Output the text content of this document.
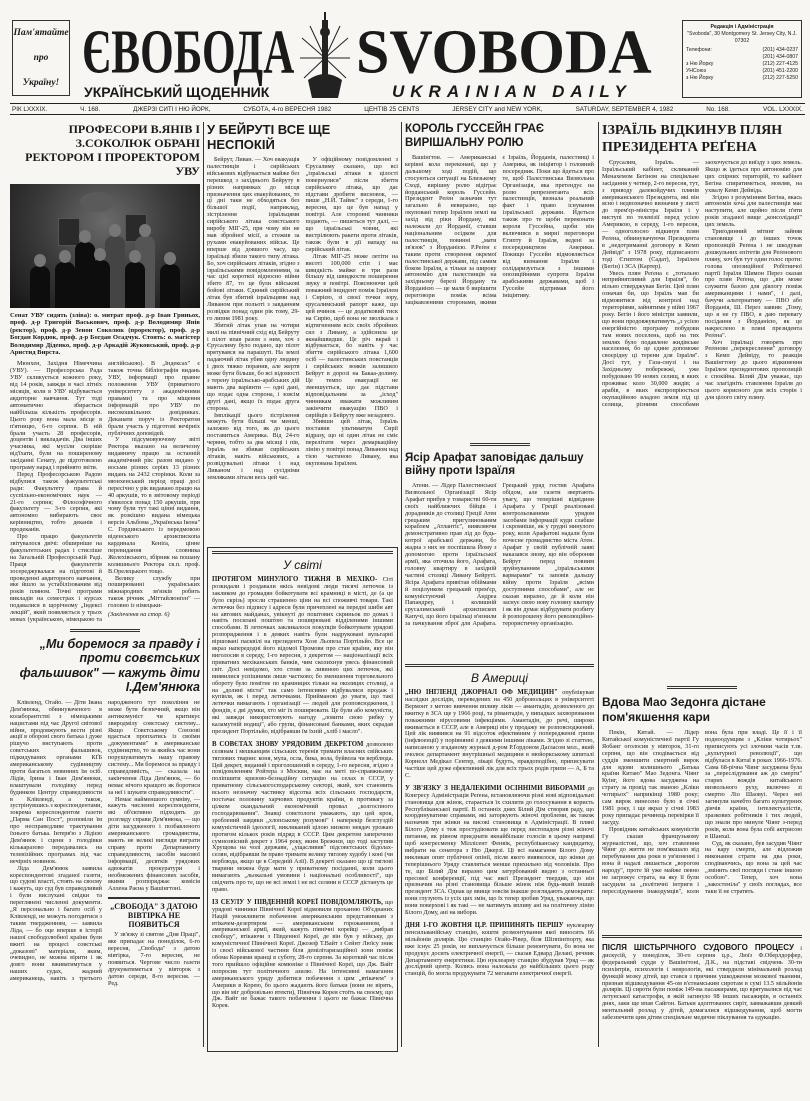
Пам'ятайте
про
Україну! ЄВОБОДА
УКРАЇНСЬКИЙ ЩОДЕННИК
SVOBODA
UKRAINIAN DAILY
Редакція і Адміністрація
"Svoboda", 30 Montgomery St. Jersey City, N.J. 07302
Телефони:	(201) 434-0237
(201) 434-0807
з Ню Йорку	(212) 227-4125
УНСоюз	(201) 451-2200
з Ню Йорку	(212) 227-5250
РІК LXXXIX.	Ч. 168.	ДЖЕРЗІ СИТІ І НЮ ЙОРК,	СУБОТА, 4-го ВЕРЕСНЯ 1982	ЦЕНТІВ 25 CENTS	JERSEY CITY and NEW YORK,	SATURDAY, SEPTEMBER 4, 1982	No. 168.	VOL. LXXXIX.
ПРОФЕСОРИ В.ЯНІВ І З.СОКОЛЮК ОБРАНІ РЕКТОРОМ І ПРОРЕКТОРОМ УВУ
Сенат УВУ сидять (зліва): о. митрат проф. д-р Іван Гриньох, проф. д-р Григорій Васькович, проф. д-р Володимир Янів (ректор), проф. д-р Зенон Соколюк (проректор), проф. д-р Богдан Кордюк, проф. д-р Богдан Осадчук. Стоять: о. магістер Володимир Діденко, проф. д-р Аркадій Жуковський, проф. д-р Аристид Вирста.

Мюнхен, Західня Німеччина (УВУ). — Професорська Рада УВУ скликується кожного року, від 14 років, завжди в часі літніх місяців, коли в УВУ відбувається авдиторне навчання. Тут тоді автоматично збирається найбільша кількість професорів. Цього року вона мала місце в п'ятницю, 6-го серпня. В ній брали участь 28 професорів, доцентів і викладачів. Два інших учасника, які мусіли скоріше від'їхати, були на поширеному засіданні Сенату, де підготовлено програму нарад і прийнято звіти.

Перед Професорською Радою відбулися також факультетські ради: Факультету права й суспільно-економічних наук — 21-го серпня; Філософічного факультету — 3-го серпня, які автономно вибирають своє керівництво, тобто деканів і продеканів.

Про працю факультетів звітувалося двічі: обширніше на факультетських радах і стисліше на Загальній Професорській Раді. Праця факультетів зосереджувалася на підготові й проведенні авдиторного навчання, яке йшло за устабілізованим від років пляном. Точні програми викладів на семестрах і курсах подавалися в щорічному „Індексі лекцій", який появляється у трьох мовах (українською, німецькою та англійською). В „Індексах" є також точна бібліографія видань УВУ, інформації про правне положення УВУ (приватного університету з академічними правами) та про міщення інформацій про УВУ по високошкільних довідниках. Деканати поруч із Ректоратом брали участь у підготові вечірніх публічних доповідей.

У підсумовуючому звіті Ректора вказано на величезну видавничу працю за останній академічний рік: разом видано у восьми різних серіях 13 різних видань на 2432 сторінки. Коли за мюнхенський період праці досі пересічно у рік видавано працю на 40 аркушів, то в звітовому періоді з'явилося понад 150 аркушів, при чому були тут такі цінні видання, як розкішно видана німецька версія Альбома „Українська Ікона" С. Гординського із передмовою віденського архиєпископа кардинала Кеніґа, цінне перевидання словника Желехівського, збірник на пошану колишнього Ректора св.п. проф. В.Орелецького тощо.

Велику службу при поширюванні українських міжнародних зв'язків робить також річник „Міттайлюнґен" — головно із німецьки-

(Закінчення на стор. 6)

„Ми боремося за правду і проти совєтських фальшивок" — кажуть діти І.Дем'янюка

Клівленд, Огайо. — Діти Івана Дем'янюка, обвинуваченого в колаборантстві з німецькими нацистами під час Другої світової війни, продовжують вести різні акції в обороні свого батька і дуже рішучо виступають проти совєтських фальшивок, підкидуваних органами КҐБ американському судівництву проти багатьох невинних їм осіб. Лідія, Ірина і Іван Дем'янюки, влаштували голодівку перед будинком Центру справедливости в Клівленді, а також, зустрінувшись з кореспондентами, зокрема кореспондентом газети „Парма Сан Пост", розповіли їм про несправедливе трактування їхнього батька. Інтерв'ю з Лідією Дем'янюк і сцени з голодівки кількаразово передавались на телевізійних програмах під час вечірніх новинок.

Ліда Дем'янюк заявила кореспондентові згаданої газети, що судові власті, стоять на своєму і кажуть, що суд був справедливий і були вислухані свідки та переглянені численні документи. „Я персонально і багато осіб у Клівленді, не можуть погодитися з таким твердженням, — заявила Ліда, — бо оце вперше в історії нашої свободолюбної країни були вжиті на процесі совєтські „доказові" матеріали, яким, очевидно, не можна вірити і як довго вони вживатимуться у наших судах, жадний американець, навіть з третього народженого тут покоління не може бути безпечний, якщо він антикомуніст чи критикує звиродмілу совєтську систему... Якщо Совєтському Союзові вдасться пропхатись із своїми „документами" в американське судівництво, то за якийсь час вони порушуватимуть нашу правову систему... Ми боремося за правду і справедливість, — сказала на закінчення Ліда Дем'янюк, — бо немає нічого кращого як боротися за неї і шукати справедливости".

Немає найменшого сумніву, — кажуть численні кореспонденти, які об'єктивно підходять до розгляду справи Дем'янюка, — що діти засудженого і позбавленого американського громадянства, мають не великі вигляди виграти справу проти Департаменту справедливости, засобів масової інформації, десятків урядових адвокатів прокуратури і необмежених фінансових засобів, якими розпоряджає комісія Аллена Раєна у Вашінгтоні.

„СВОБОДА" З ДАТОЮ ВІВТІРКА НЕ ПОЯВИТЬСЯ
У зв'язку зі святом „Дня Праці", яке припадає на понеділок, 6-го вересня, „Свобода" з датою вівтірка, 7-го вересня, не появиться. Чергове число газети друкуватиметься у вівторок з датою середи, 8-го вересня. — Ред.
У БЕЙРУТІ ВСЕ ЩЕ НЕСПОКІЙ

Бейрут, Ливан. — Хоч евакуація палестинців і сирійських військових відбувається майже без перешкод з західнього Бейруту в різних напрямках до місця призначення цих евакуйованих, то ці дні таки не обходяться без більшої події, наприклад, зістрілення ізраїльцями сирійського літака совєтського виробу МІГ-25, при чому він не мав збройної місії, а стежив за рухами евакуйованих військ. Це вперше від довшого часу, що ізраїльці збили такого типу літака. Бо, хоч сирійських літаків, згідно з ізраїльськими повідомленнями, за час цієї короткої відносно війни збито 87, то це були військові бойові літаки. Єдиний сирійський літак був збитий ізраїльцями над Ливаном при польоті з завданням розвідки понад один рік тому, 29-го липня 1981 року.

Збитий літак упав на чотири милі на північний схід від Бейруту і пілот впав разом з ним, хоч з Єрусалиму було подано, що пілот врятувався на парашуті. На землі падаючий літак убив одну людину і двох тяжко поранив, але жертв може бути більше, бо всі відомості з терену ізраїльсько-арабських дій мають два варіянти — одні дані, що подає одна сторона, і зовсім другі дані, якщо їх подає друга сторона.

Імплікації цього зістрілення можуть бути більші чи менші, залежно від того, як до цього поставиться Америка. Від 24-го червня, тобто за два місяці і пів, Ізраїль не збивав сирійських літаків, навіть військових, а розвідувальні літаки і над Ливаном і над сусідніми земляками літали весь цей час.

У офіційному повідомленні з Єрусалиму сказано, що всі „ізраїльські літаки в цілості повернулися" після збиття сирійського літака, що дає підстави зробити висновок, — пише „Н.Й. Таймс" з середи, 1-го вересня, що це був напад у повітрі. Але сторонні чинники подають, — пишеться тут далі, — що ізраїльські човни, які вистрілюють ракети проти літаків, також були в дії нападу на сирійський літак.

Літак МІГ-25 може летіти на висоті 100,000 стіп і має швидкість майже в три рази більшу від швидкости поширення звуку в повітрі. Пояснюючи цей поважний інцидент поміж Ізраїлем і Сирією, зі своєї точки зору, єрусалимський рапорт каже, що цей вчинок — це додатковий тиск на Сирію, щоб вона не зволікала з відтягненням всіх своїх збройних сил з Ливану, а здійснила це якнайшвидше. Це річ вкрай і відбувається, бо навіть у час збиття сирійського літака 1,600 осіб — палестинських повстанців і сирійських вояків залишило Бейрут в дорозі на Бакаа-долину. Це темпо евакуації не зменшується, що дає підстави відповідальним за „ісход" чинникам вважати можливим закінчити евакуацію ПВО і сирійців з Бейруту вже незадовго.

Збивши цей літак, Ізраїль поставив ультиматум Сирії відразу, що ні один літак не сміє перелітати через демаркаційну лінію у повітрі понад Ливаном над тією частиною Ливану, яка окупована Ізраїлем.

У світі

ПРОТЯГОМ МИНУЛОГО ТИЖНЯ В МЕХІКО- Сіті розкидали і роздавали якісь невідомі люди тисячі летючок із закликом до громадян бойкотувати всі крамниці в місті, де (а це було скрізь) зросли страшенно ціни на всі споживчі товари. Такі летючки без підпису і адреси були причеплені на передні шиби авт на автових майданах, увікнуті до поштових скриньок по домах і навіть посилані поштою та поширювані відділеними іншими способами. В летючках закликалося покупців бойкотувати урядові розпорядження і в деяких навіть були надруковані вульгарні віршовані пасквілі на президента Хозе Льопеза Портільйо. Все це якраз напередодні його відомої Промови про стан країни, яку він виголосив в середу, 1-го вересня, з декретом — націоналізації всіх приватних мехіканських банків, чим сколихнув увесь фінансовий світ. Досі невідомо, хто стояв за ливиною цих летючок, які виявилися успішними лише частково; бо зменшення торговельного обороту було помітне по крамницях тільки на околицях столиці, а на „долині міста" так само інтенсивно відбувалися продаж і купівля, як і перед летючками. Прийманою до уваги, що такі летючки вимагають і організації — людей для розповсюдження, і фондів, є дві думки, хто міг їх поширювати. Це були або комуністи, які завжди використовують нагоду „ловити свою рибку у каламутній водиці", або групи, фінансовані банками, яких скрадав президент Портільйо, відібравши їм їхній „хліб і масло".

В СОВЄТАХ ЗНОВУ УРЯДОВИМ ДЕКРЕТОМ дозволено селянам і мешканцям сільських теренів тримати власних свійських тяглових тварин: коня, мула, осла, бика, вола, буйвола чи верблюда. Цей декрет, виданий і проголошений в середу, 1-го вересня, згідно з повідомленням Ройтера з Москви, має на меті по-справжньому поліпшити кризово-безнадійну ситуацію на селах в СССР, у приватному сільськогосподарському секторі, який, хоч становить всього незначну частинку відсотка всіх сільських господарств, постачає половину харчових продуктів країни, в противагу за цілком скандальний економічний провал „колгоспного господарювання". Знавці совєтологи уважають, що цей крок, зроблений завдяки „хлопському розумові" і наперекір безглуздій комуністичній ідеології, викликаний цілою низкою невдач урожаю протягом кількох років підряд в СССР. Цим декретом заперечено сумнозвісний декрет з 1964 року, яким Брежнєв, що тоді заступив Хрущова на чолі держави, „ущасливив" підсовєтських бідолах-селян, відібравши їм право тримати велику тяглову худобу і коні (чи верблюда, якщо це в Середній Азії). В декреті сказано що ці тяглові тварини можна буде мати у приватному посіданні, коли цього вимагають „льокальні умовини і національні особливості", що свідчить про те, що не всі землі і не всі селяни в СССР дістануть це право.

ІЗ СЕУЛУ У ПІВДЕННІЙ КОРЕЇ ПОВІДОМЛЯЮТЬ, що урядові чинники Північної Кореї відмовили проханню Об'єднаних Націй уможливити побачення американським представникам з втікачем-дезертиром — американським горожанином, з американської армії, який, кажуть північні корейці — „вибрав свободу", втікаючи з Південної Кореї, де він був у війську, до комуністичної Північної Кореї. Джозеф Т.Вайт з Сейнт Люїсу зник із своєї військової частини біля демілітаризаційної зони поміж обома Кореями вранці в суботу, 28-го серпня. За короткий час після того прийшло офіційне комюніке з Північної Кореї, що Дж. Вайт попросив тут політичного азилю. На інтенсивні намагання американського уряду добитися побачення з цим „втікачем" з Америки в Корею, бо цього жадають його батьки (вони не вірять, що він міг добровільно втекти), Північна Корея стоїть на своєму, що Дж. Вайт не бажає такого побачення і цього не бажає Північна Корея.

КОРОЛЬ ГУССЕЙН ГРАЄ ВИРІШАЛЬНУ РОЛЮ

Вашінґтон. — Американські керівні кола переконані, що у дальшому ході подій, що стосуються ситуації на Близькому Сході, вирішну ролю відіграє йорданський король Гуссейн. Президент Реґен зазначив тут загально й невиразно, що окуповані тепер Ізраїлем землі на захід від ріки Йордану, які належали до Йорданії, ставши національним осідком для палестинців, повинні „мати зв'язок" з Йорданією. Р.Реґен є таким проти створення окремої палестинської держави, під самим боком Ізраїля, а тільки за широку автономію для палестинців на західньому березі Йордану та Йорданією — це мали б вирішити переговори поміж всіма зацікавленими сторонами, якими є Ізраїль, Йорданія, палестинці і Америка, як ініціятор і головний посередник. Поки що йдеться про те, щоб Палестинська Визвольна Організація, яка претендує на ролю репрезентанта всіх палестинців, визнала реальний факт і право існування ізраїльської держави. Йдеться також про те щоби переконати короля Гуссейна, щоби він включився в мирні переговори Єгипту й Ізраїля, ведені за посередництвом Америки. Покищо Гуссейн відмовляється від визнання Ізраїля і солідаризується з іншими опозиційними супроти Ізраїля арабськими державами, щоб і Гуссейн підтримав його ініціятиву.

Ясір Арафат заповідає дальшу війну проти Ізраїля

Атени. — Лідер Палестинської Визвольної Організації Ясір Арафат прибув у товаристві 60-ти своїх найближчих бійців і дорадників до столиці Греції Атен грецьким пригулинованим кораблем „Атлантіс", виявляючи демонстративно прав лід до будь-котрої арабської держави, бо жадна з них не поспішила Йому з допомогою проти ізраїльської армії, яка оточила його, Арафата, головну квартиру в західній частині столиці Ливану Бейруті. Ясіра Арафата привітав обіймами й поцілунком грецький прем'єр, комуністуючий Андреа Папандреу, і колишній єрусалимський архиєпископ Капучі, що його ізраїльці в'язнили за пачкування зброї для Арафата. Грецький уряд гостив Арафата обідом, але газети звертають увагу, що теперішні відвідини Арафата у Греції реалізовані контрольованими урядом засобами інформації куди слабше і скромніше, як у грудні минулого року, коли Арафатові надали були почесне громадянство міста Атен. Арафат у своїй публічній заяві наказався знову, що він обороняв Бейрут перед повним зруйнуванням „ізраїльськими варварами" та заповів дальшу війну проти Ізраїля „всіми доступними способами", але не сказав виразно, де й коли він заснує свою нову головну кватиру і як він думає відбудувати розбиту й розпорошену його революційно-терористичну організацію.

В Америці

„НЮ ІНГЛЕНД ДЖОРНАЛ ОФ МЕДИЦИН" опублікував наслідки дослідів, переведених на 450 добровольцях в університеті Вермонт з метою вивчення впливу ліків — амантадін, дозволеного до вжитку в ЗСА ще у 1966 році, та рімантадін, у випадках захворювання поважними вірусовими інфекціями. Амантадін, до речі, широко вживається в СССР, але в Америці він у продажу не розповсюджений. Цей лік виявився на 91 відсоток ефективним у попередженні грипи (інфлюенції) у порівнянні з деякими іншими ліками. Згідно зі статтею, написаною у згаданому журналі д-ром Р.Ґордоном Даґласом мол., який очолює департамент внутрішньої медицини в нюйоркському шпиталі Корнелл Медікал Сентер, лікарі будуть, правдоподібно, приписувати частіше цей дуже ефективний лік для всіх трьох родів грипи — А, Б та С.

У ЗВ'ЯЗКУ З НЕДАЛЕКИМИ ОСІННІМИ ВИБОРАМИ до Конгресу Адміністрація Реґена, встановлюючи різні нові відповідальні становища для жінок, старається їх схилити до голосування в користь Республіканської партії. В останніх днях Білий Дім створив раду, що координуватиме справами, які заторкують жіночі проблеми, як також назначив три жінки на високі становища в Адміністрації. В пляні Білого Дому є теж простудіювати ще перед листопадом різні жіночі питання, як рівном приєднати якнайбільше голосів в цьому напрямі щоб конгресменку Міллісент Фенвік, республіканську кандидатку, вибрати на сенатора з Ню Джерзі. Ці всі намагання Білого Дому викликав опит публічної опінії, після якого виявилося, що жінки до теперішнього Уряду ставляться менше прихильно від чоловіків. Про те, що Білий Дім виразно цим затурбований видно з останньої пресової конференції, під час якої Президент твердив, що він призначив на різні становища більше жінок ніж будь-який інший президент ЗСА. Однак це явище зовсім інакше розглядають демократи: вони глузують із усіх цих змін, що їх тепер зробив Уряд, уважаючи, що вони поверхові і як такі — не матимуть впливу ані на політичну лінію Білого Дому, ані на вибори.

ДНЯ 1-ГО ЖОВТНЯ Ц.Р. ПРИПИНЯТЬ ПЕРШУ нуклеарну пенсильванійську станцію, кошти розмонтування якої виносить 66 мільйонів долярів. Цю станцію Оґайо-Рівер, біля Шіппінґпорту, яка вже існує 25 років, не виплачується більше ремонтувати, бо вона не продукує досить електричної енергії, — сказав Едвард Делані, речник Департаменту енергетики. Цю нуклеарну станцію збудував Уряд — як дослідний центр. Колись вона належала до найбільших цього роду станцій, бо могла продукувати 72 мегавати електричної енергії.

ІЗРАЇЛЬ ВІДКИНУВ ПЛЯН ПРЕЗИДЕНТА РЕҐЕНА

Єрусалим, Ізраїль. — Ізраїльський кабінет, скликаний Менахемом Бегіном на спеціяльне засідання у четвер, 2-го вересня, тут, з приводу далекойдучих плянів американського Президента, які він ясно і недвозначно визначив у листі до прем'єр-міністра Ізраїля і у виступі по телевізії перед усією Америкою, в середу, 1-го вересня, — одноголосно відкинув плян Реґена, обвинувачуючи Президента в „недотриманні договору в Кемп Дейвіді" з 1978 року, підписаного тоді Єгиптом (Садат), Ізраїлем (Бегін) і ЗСА (Картер).

Увесь плян Реґена є „тотально неприйнятливий для Ізраїля", бо вільно стверджував Бегін. Цей плян означав би, що Ізраїль мав би відмовитися від контролі над територіями, зайнятими у війні 1967 року. Бегін і його міністри заявили, що вони продовжуватимуть „з усією енергійністю програму побудови там нових поселень, щоб на тих землях було подавлене жидівське населення, бо це єдине допоможе своєрідну ці терени для Ізраїля". Досі тут, у Газа-смузі і на Західньому побережжі, уже побудовано 99 нових селищ, в яких проживає коло 30,000 жидів; а арабів, в яких експропріюється окупаційною владою земля під ці селища, різними способами заохочується до виїзду з цих земель. Якщо ж ідеться про автономію для цих спірних територій, то кабінет Бегіна спиратиметься, мовляв, на ухвалу Кемп Дейвіда.

Згідно з розумінням Бегіна, якась автономія хоча для палестинців має наступити, але щойно після п'яти років згаданої вище „консолідації" цих земель.

Триґодинний мітинг зайняв становище і до інших точок пропозицій Реґена і не шкодував дошкульних епітетів для Реґенового пляну, хоч був тут один голос проти: голова опозиційної Робітничої партії Ізраїля Шимон Перез сказав про плян Реґена, що „він може служити базою для діялогу поміж американцями і нами", і далі, бачучи альтернативу — ПВО або Йорданія, Ш. Перез заявив: „Тому, що я не гу ПВО, я даю перевагу посідання з Йорданією, як це накреслено в пляні президента Реґена".

Хоч ізраїльці говорять про Реґенове „перекреслення" договору з Кемп Дейвіду, то реакція Вашінгтону до цього відкинення Ізраїлем президентових пропозицій є спокійна. Білий Дім уважає, що час злагідніть ставлення Ізраїля до цього корисного для всіх сторін і для цілого світу пляну.

Вдова Мао Зедонга дістане пом'якшення кари

Пекін, Китай. — Лідер Китайської комуністичної партії Гу Яобанг оголосив у вівторок, 31-го серпня, що він сподівається від суддів зменшити смертний вирок для вдови колишнього „Батька країни Китаю" Мао Зедонга. Чіянг Куінг, його вдова засуджена на страту за провід так званою „Кліки чотирьох" наприкінці 1980 року; сам вирок винесено було в січні 1981 року, і ще якраз у січні 1983 року припадає речинець перевірки її засуду.

Провідник китайських комуністів Гу сказав французькому журналістові, що, хоч ставлення Чіянг до життя не пом'якшало від перебування два роки в ув'язненні і вона й надалі лишається „ворогом народу", проте їй уже майже певно не загрожує страта, на яку її були засудили за „політичні інтриги і переслідування інакодумців", коли вона була при владі. Це її і її подноодумцям з „Кліки чотирьох" приписують усі злочини часів т.зв. „культурної революції", що відбулася в Китаї в роках 1966-1976. Сама 68-річна Чіянг засуджена була за „переслідування аж до смерти" старих вождів китайського визвольного руху, включно зі смертю Ліо Шаовуі. Через неї загинули начебто багато культурних діячів країни, інтелектуалістів, зразкових робітників і тих людей, що знали про минуле Чіянг з-перед років, коли вона була собі актрисою в Шанхаї.

Суд, як сказано, був засудив Чіянг на кару смерти, але відложив виконання страти на два роки, сподіваючись, що вона за цей час „змінить свої погляди і стане іншою особою". Тепер, хоч вона „закостеніла" у своїх поглядах, все таки її не стратять.

ПІСЛЯ ШІСТЬРІЧНОГО СУДОВОГО ПРОЦЕСУ і дискусій, у понеділок, 30-го серпня ц.р., Люїз Ф.Оберлдорфер, федеральний суддя у Вашінґтоні, Д.К., на підставі свідчень 30-ти психіятрів, психологів і неврологів, які ствердили мінімальний розлад функцій мозку дітей, що стався з причини ушкодження мозкової тканини, признав відшкодування 45-ом в'єтнамським сиротам в сумі 13.5 мільйонів долярів. Ці сироти були поміж 149-ма пасажирами, що врятувалися під час летунської катастрофи, в якій загинуло 98 інших пасажирів, в останніх днях, заки ще впав Сайгон. Батьки адоптованих сиріт, завважавши деякий ментальний розлад у дітей, домагалися відшкодування, щоб могти забезпечити цим дітям спеціяльне медичне піклування та едукацію.
